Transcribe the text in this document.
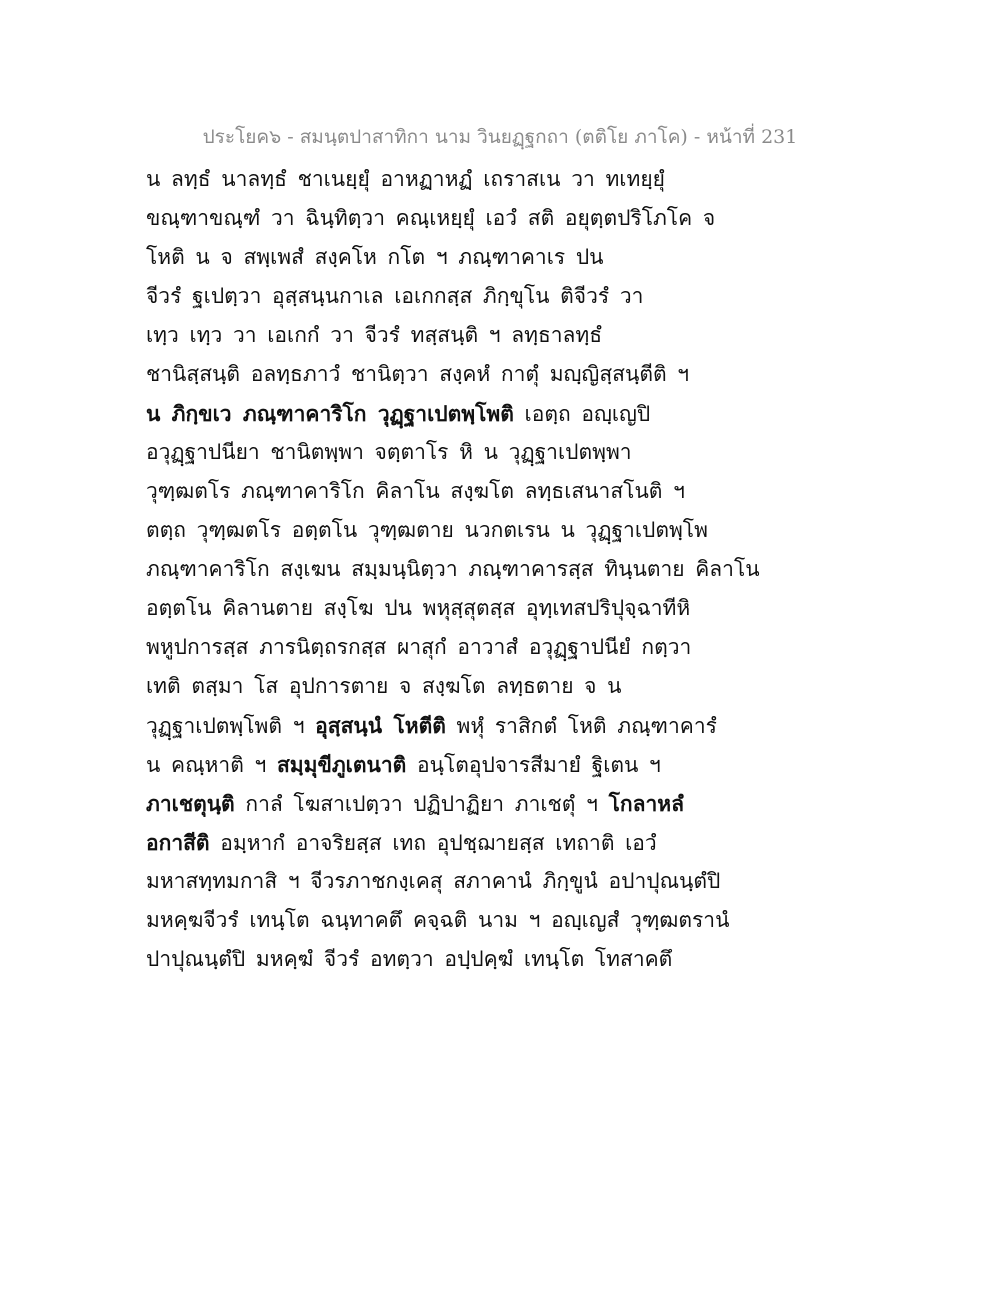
ประโยค๖ - สมนฺตปาสาทิกา นาม วินยฏฺฐกถา (ตติโย ภาโค) - หน้าที่ 231
น ลทฺธํ นาลทฺธํ ชาเนยฺยุํ อาหฏาหฏํ เถราสเน วา ทเทยฺยุํ
ขณฺฑาขณฺฑํ วา ฉินฺทิตฺวา คณฺเหยฺยุํ เอวํ สติ อยุตฺตปริโภโค จ
โหติ น จ สพฺเพสํ สงฺคโห กโต ฯ ภณฺฑาคาเร ปน
จีวรํ ฐเปตฺวา อุสฺสนฺนกาเล เอเกกสฺส ภิกฺขุโน ติจีวรํ วา
เทฺว เทฺว วา เอเกกํ วา จีวรํ ทสฺสนฺติ ฯ ลทฺธาลทฺธํ
ชานิสฺสนฺติ อลทฺธภาวํ ชานิตฺวา สงฺคหํ กาตุํ มญฺญิสฺสนฺตีติ ฯ
น ภิกฺขเว ภณฺฑาคาริโก วุฏฺฐาเปตพฺโพติ เอตฺถ อญฺเญปิ
อวุฏฺฐาปนียา ชานิตพฺพา จตฺตาโร หิ น วุฏฺฐาเปตพฺพา
วุฑฺฒตโร ภณฺฑาคาริโก คิลาโน สงฺฆโต ลทฺธเสนาสโนติ ฯ
ตตฺถ วุฑฺฒตโร อตฺตโน วุฑฺฒตาย นวกตเรน น วุฏฺฐาเปตพฺโพ
ภณฺฑาคาริโก สงฺเฆน สมฺมนฺนิตฺวา ภณฺฑาคารสฺส ทินฺนตาย คิลาโน
อตฺตโน คิลานตาย สงฺโฆ ปน พหุสฺสุตสฺส อุทฺเทสปริปุจฺฉาทีหิ
พหูปการสฺส ภารนิตฺถรกสฺส ผาสุกํ อาวาสํ อวุฏฺฐาปนียํ กตฺวา
เทติ ตสฺมา โส อุปการตาย จ สงฺฆโต ลทฺธตาย จ น
วุฏฺฐาเปตพฺโพติ ฯ อุสฺสนฺนํ โหตีติ พหุํ ราสิกตํ โหติ ภณฺฑาคารํ
น คณฺหาติ ฯ สมฺมุขีภูเตนาติ อนฺโตอุปจารสีมายํ ฐิเตน ฯ
ภาเชตุนฺติ กาลํ โฆสาเปตฺวา ปฏิปาฏิยา ภาเชตุํ ฯ โกลาหลํ
อกาสีติ อมฺหากํ อาจริยสฺส เทถ อุปชฺฌายสฺส เทถาติ เอวํ
มหาสทฺทมกาสิ ฯ จีวรภาชกงฺเคสุ สภาคานํ ภิกฺขูนํ อปาปุณนฺตํปิ
มหคฺฆจีวรํ เทนฺโต ฉนฺทาคตึ คจฺฉติ นาม ฯ อญฺเญสํ วุฑฺฒตรานํ
ปาปุณนฺตํปิ มหคฺฆํ จีวรํ อทตฺวา อปฺปคฺฆํ เทนฺโต โทสาคตึ
